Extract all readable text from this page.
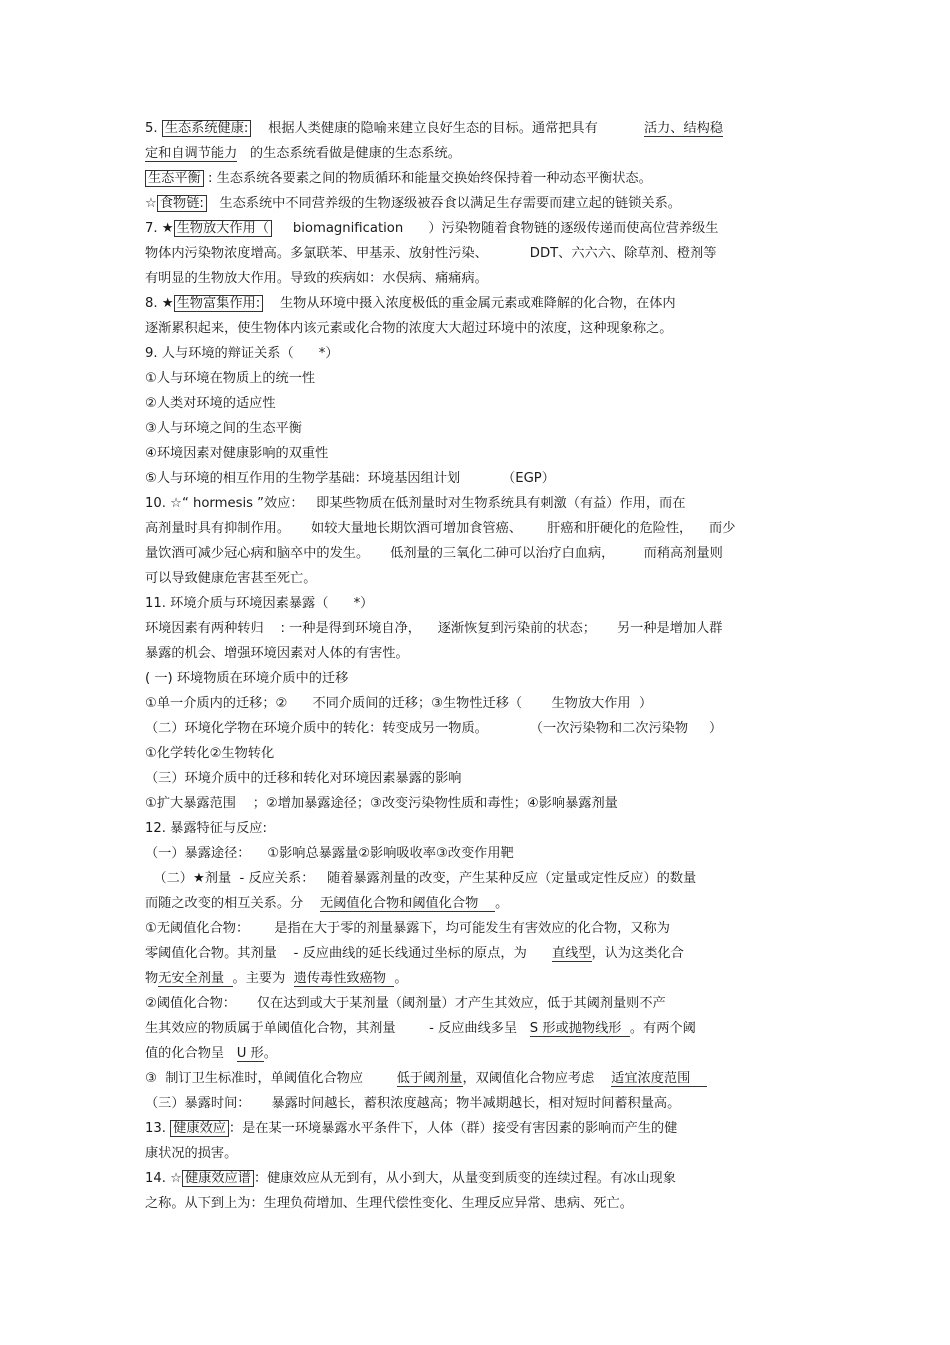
5. 生态系统健康:    根据人类健康的隐喻来建立良好生态的目标。通常把具有           活力、结构稳
定和自调节能力   的生态系统看做是健康的生态系统。
生态平衡 : 生态系统各要素之间的物质循环和能量交换始终保持着一种动态平衡状态。
☆ 食物链:   生态系统中不同营养级的生物逐级被吞食以满足生存需要而建立起的链锁关系。
7. ★ 生物放大作用（     biomagnification      ）污染物随着食物链的逐级传递而使高位营养级生
物体内污染物浓度增高。多氯联苯、甲基汞、放射性污染、          DDT、六六六、除草剂、橙剂等
有明显的生物放大作用。导致的疾病如：水俣病、痛痛病。
8. ★ 生物富集作用:    生物从环境中摄入浓度极低的重金属元素或难降解的化合物，在体内
逐渐累积起来，使生物体内该元素或化合物的浓度大大超过环境中的浓度，这种现象称之。
9. 人与环境的辩证关系（      *）
①人与环境在物质上的统一性
②人类对环境的适应性
③人与环境之间的生态平衡
④环境因素对健康影响的双重性
⑤人与环境的相互作用的生物学基础：环境基因组计划          （EGP）
10. ☆“ hormesis ”效应：   即某些物质在低剂量时对生物系统具有刺激（有益）作用，而在
高剂量时具有抑制作用。     如较大量地长期饮酒可增加食管癌、      肝癌和肝硬化的危险性，    而少
量饮酒可减少冠心病和脑卒中的发生。     低剂量的三氧化二砷可以治疗白血病，       而稍高剂量则
可以导致健康危害甚至死亡。
11. 环境介质与环境因素暴露（      *）
环境因素有两种转归    : 一种是得到环境自净，    逐渐恢复到污染前的状态；     另一种是增加人群
暴露的机会、增强环境因素对人体的有害性。
( 一) 环境物质在环境介质中的迁移
①单一介质内的迁移；②      不同介质间的迁移；③生物性迁移（       生物放大作用  ）
（二）环境化学物在环境介质中的转化：转变成另一物质。          （一次污染物和二次污染物     ）
①化学转化②生物转化
（三）环境介质中的迁移和转化对环境因素暴露的影响
①扩大暴露范围    ；②增加暴露途径；③改变污染物性质和毒性；④影响暴露剂量
12. 暴露特征与反应:
（一）暴露途径：    ①影响总暴露量②影响吸收率③改变作用靶
（二）★剂量  - 反应关系：   随着暴露剂量的改变，产生某种反应（定量或定性反应）的数量
而随之改变的相互关系。分    无阈值化合物和阈值化合物    。
①无阈值化合物：      是指在大于零的剂量暴露下，均可能发生有害效应的化合物，又称为
零阈值化合物。其剂量    - 反应曲线的延长线通过坐标的原点，为      直线型，认为这类化合
物无安全剂量  。主要为  遗传毒性致癌物  。
②阈值化合物：     仅在达到或大于某剂量（阈剂量）才产生其效应，低于其阈剂量则不产
生其效应的物质属于单阈值化合物，其剂量        - 反应曲线多呈   S 形或抛物线形  。有两个阈
值的化合物呈   U 形。
③  制订卫生标准时，单阈值化合物应        低于阈剂量，双阈值化合物应考虑    适宜浓度范围
（三）暴露时间：     暴露时间越长，蓄积浓度越高；物半减期越长，相对短时间蓄积量高。
13. 健康效应 ：是在某一环境暴露水平条件下，人体（群）接受有害因素的影响而产生的健
康状况的损害。
14. ☆ 健康效应谱 ：健康效应从无到有，从小到大，从量变到质变的连续过程。有冰山现象
之称。从下到上为：生理负荷增加、生理代偿性变化、生理反应异常、患病、死亡。
